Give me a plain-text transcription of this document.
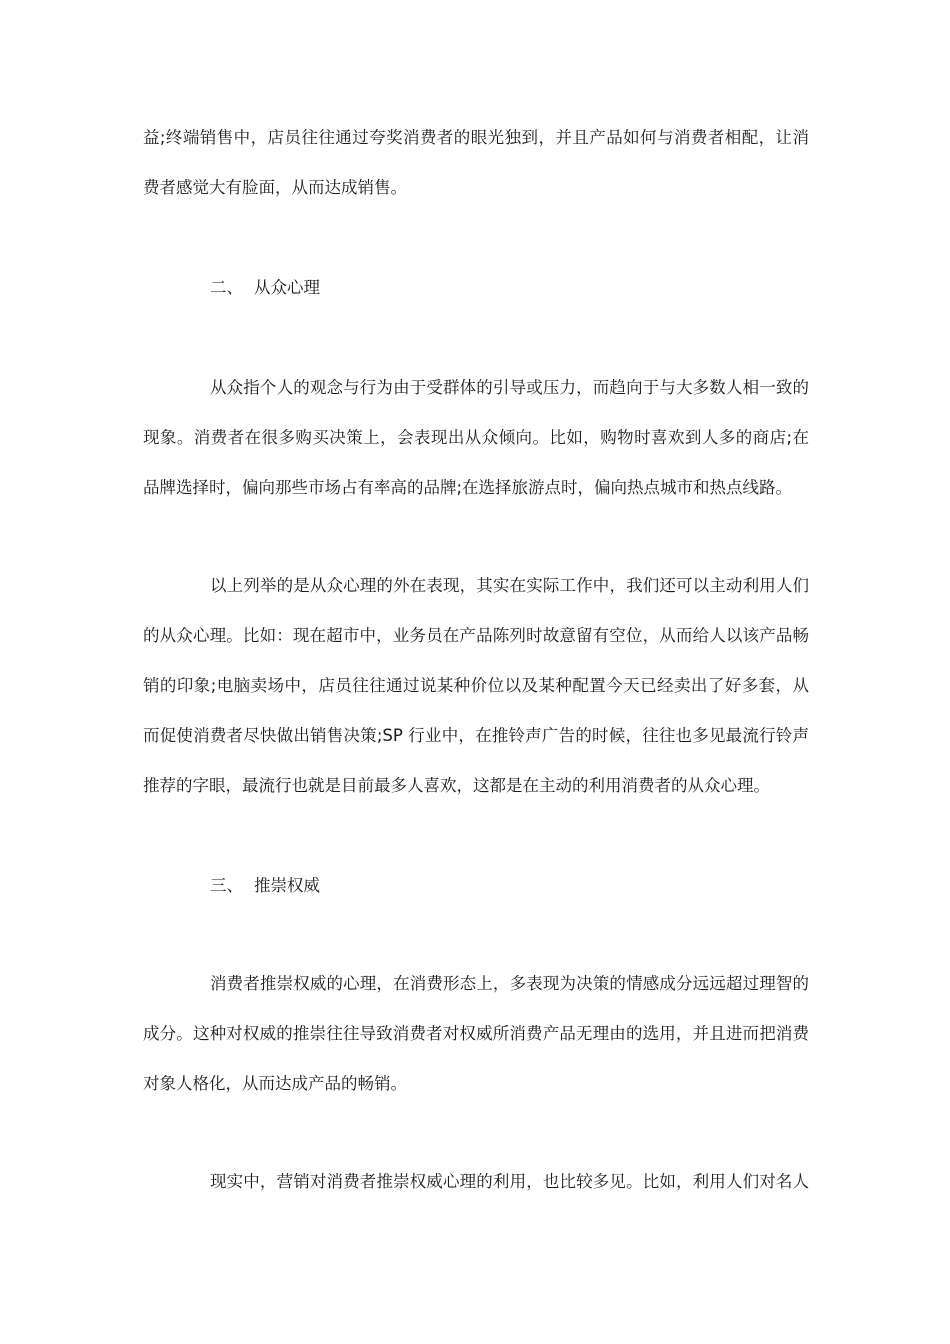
益;终端销售中，店员往往通过夸奖消费者的眼光独到，并且产品如何与消费者相配，让消
费者感觉大有脸面，从而达成销售。
二、 从众心理
从众指个人的观念与行为由于受群体的引导或压力，而趋向于与大多数人相一致的
现象。消费者在很多购买决策上，会表现出从众倾向。比如，购物时喜欢到人多的商店;在
品牌选择时，偏向那些市场占有率高的品牌;在选择旅游点时，偏向热点城市和热点线路。
以上列举的是从众心理的外在表现，其实在实际工作中，我们还可以主动利用人们
的从众心理。比如：现在超市中，业务员在产品陈列时故意留有空位，从而给人以该产品畅
销的印象;电脑卖场中，店员往往通过说某种价位以及某种配置今天已经卖出了好多套，从
而促使消费者尽快做出销售决策;SP 行业中，在推铃声广告的时候，往往也多见最流行铃声
推荐的字眼，最流行也就是目前最多人喜欢，这都是在主动的利用消费者的从众心理。
三、 推崇权威
消费者推崇权威的心理，在消费形态上，多表现为决策的情感成分远远超过理智的
成分。这种对权威的推崇往往导致消费者对权威所消费产品无理由的选用，并且进而把消费
对象人格化，从而达成产品的畅销。
现实中，营销对消费者推崇权威心理的利用，也比较多见。比如，利用人们对名人
